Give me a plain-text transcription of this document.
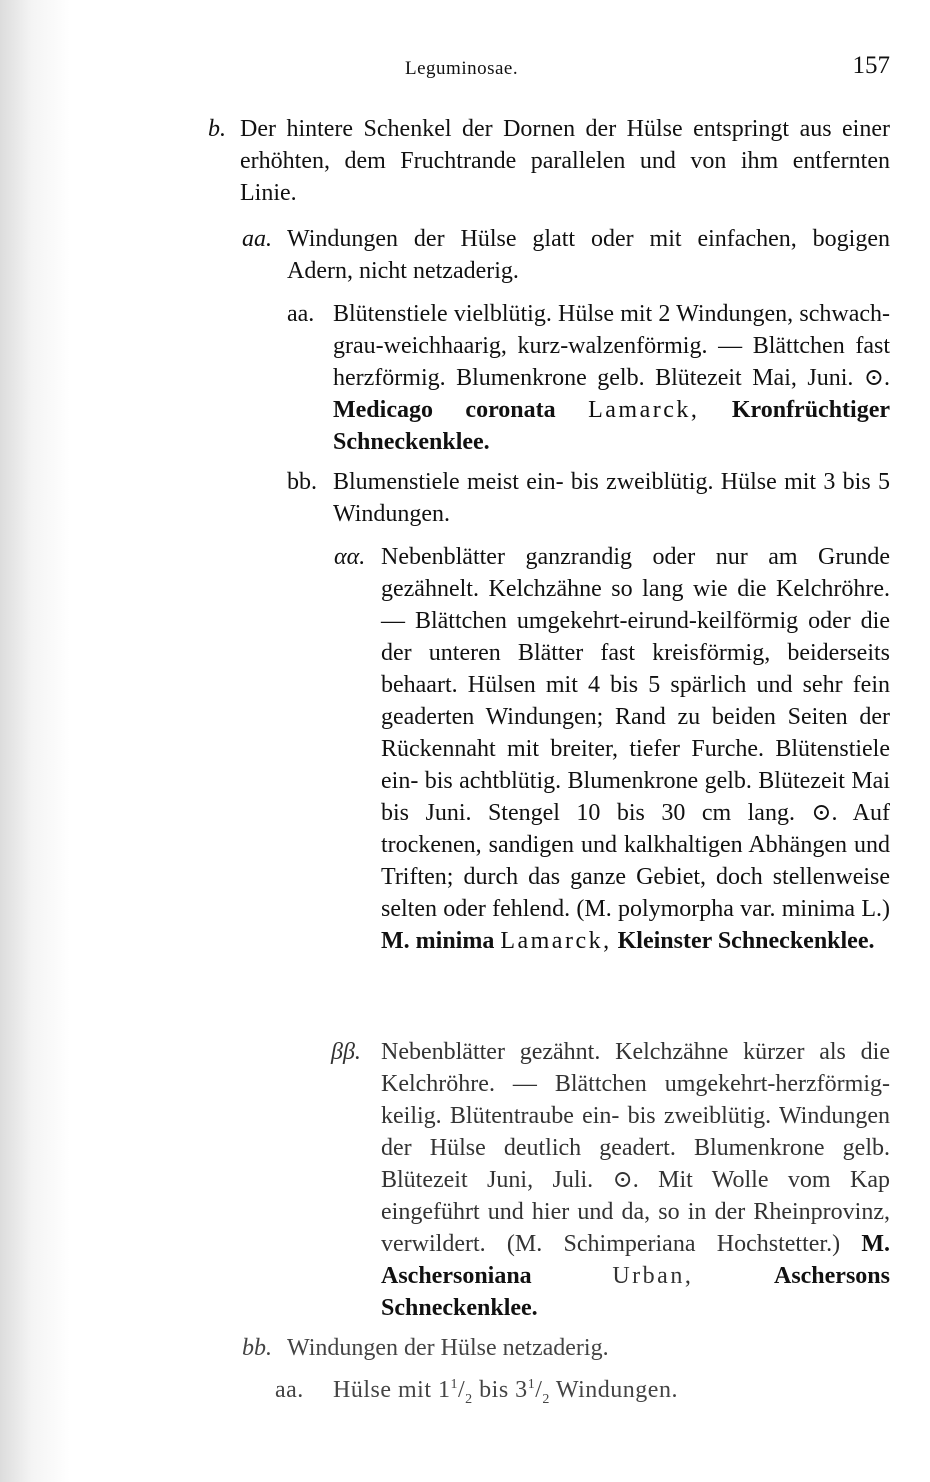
Leguminosae.	157
b. Der hintere Schenkel der Dornen der Hülse entspringt aus einer erhöhten, dem Fruchtrande parallelen und von ihm entfernten Linie.
aa. Windungen der Hülse glatt oder mit einfachen, bogigen Adern, nicht netzaderig.
aa. Blütenstiele vielblütig. Hülse mit 2 Windungen, schwach-grau-weichhaarig, kurz-walzenförmig. — Blättchen fast herzförmig. Blumenkrone gelb. Blütezeit Mai, Juni. ⊙. Medicago coronata Lamarck, Kronfrüchtiger Schneckenklee.
bb. Blumenstiele meist ein- bis zweiblütig. Hülse mit 3 bis 5 Windungen.
αα. Nebenblätter ganzrandig oder nur am Grunde gezähnelt. Kelchzähne so lang wie die Kelchröhre. — Blättchen umgekehrt-eirund-keilförmig oder die der unteren Blätter fast kreisförmig, beiderseits behaart. Hülsen mit 4 bis 5 spärlich und sehr fein geaderten Windungen; Rand zu beiden Seiten der Rückennaht mit breiter, tiefer Furche. Blütenstiele ein- bis achtblütig. Blumenkrone gelb. Blütezeit Mai bis Juni. Stengel 10 bis 30 cm lang. ⊙. Auf trockenen, sandigen und kalkhaltigen Abhängen und Triften; durch das ganze Gebiet, doch stellenweise selten oder fehlend. (M. polymorpha var. minima L.) M. minima Lamarck, Kleinster Schneckenklee.
ββ. Nebenblätter gezähnt. Kelchzähne kürzer als die Kelchröhre. — Blättchen umgekehrt-herzförmig-keilig. Blütentraube ein- bis zweiblütig. Windungen der Hülse deutlich geadert. Blumenkrone gelb. Blütezeit Juni, Juli. ⊙. Mit Wolle vom Kap eingeführt und hier und da, so in der Rheinprovinz, verwildert. (M. Schimperiana Hochstetter.) M. Aschersoniana	Urban,	Aschersons Schneckenklee.
bb. Windungen der Hülse netzaderig.
aa. Hülse mit $1^1/_2$ bis $3^1/_2$ Windungen.
